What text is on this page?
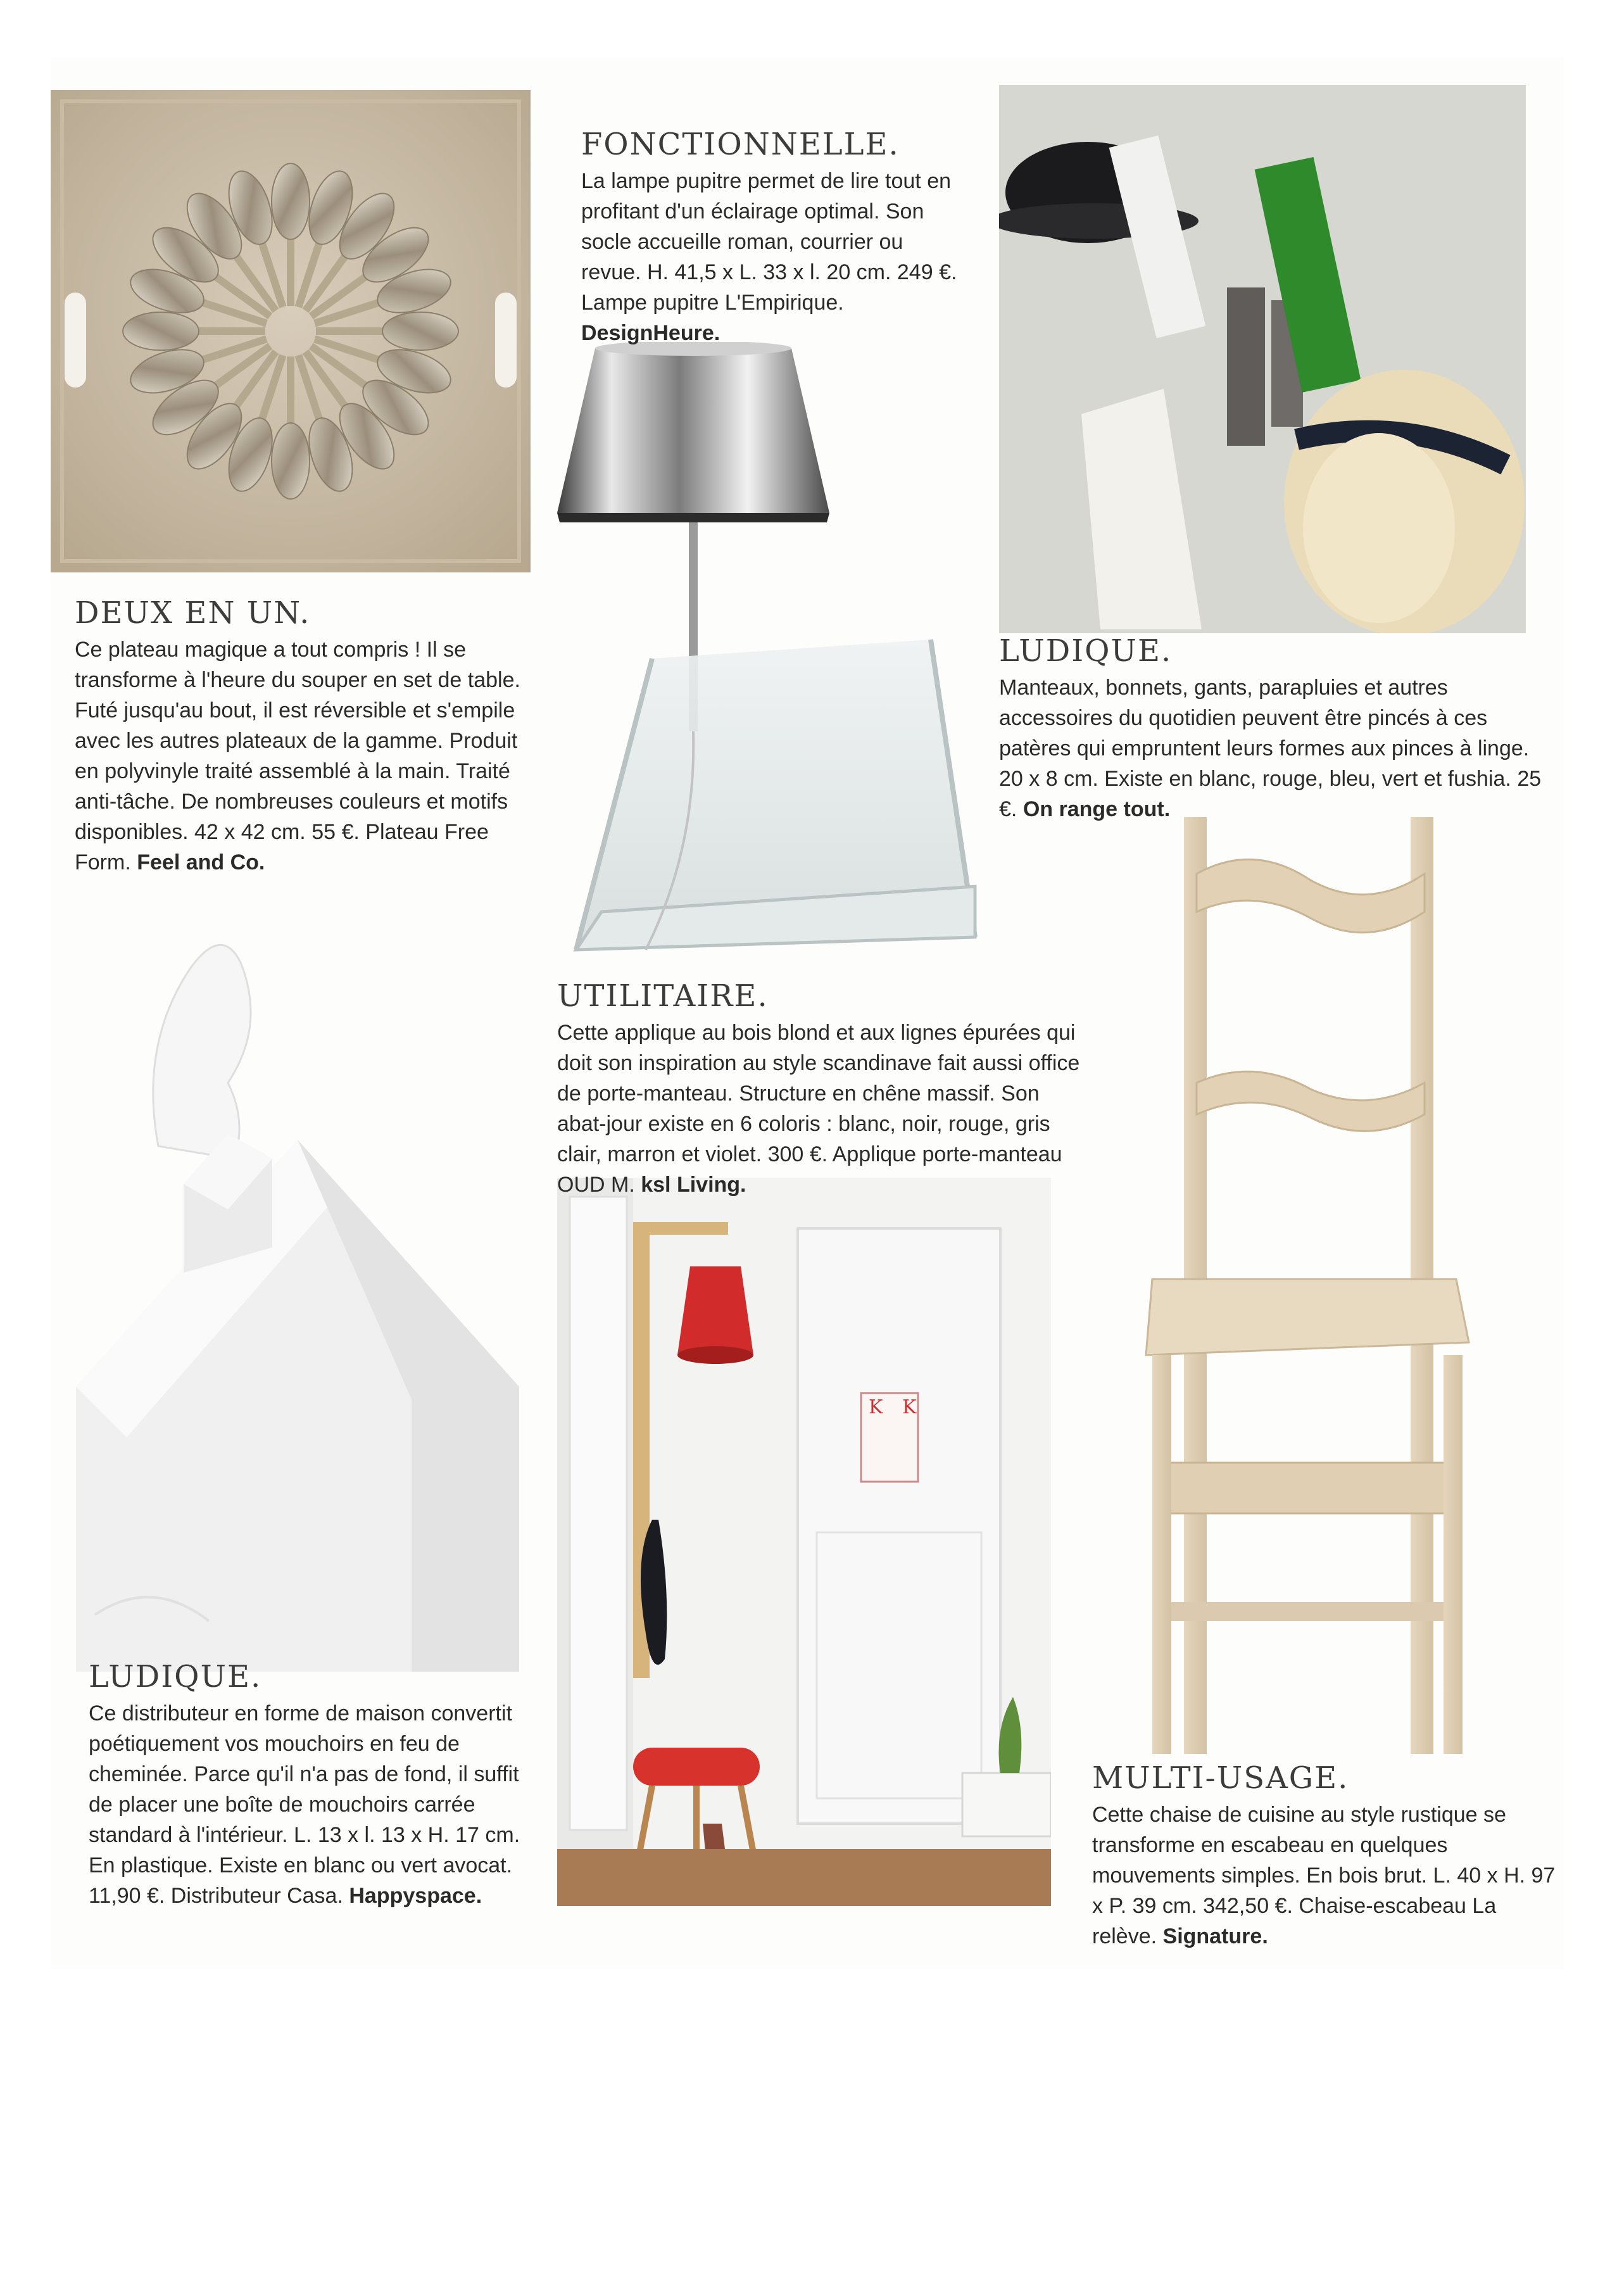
K K
FONCTIONNELLE.

La lampe pupitre permet de lire tout en profitant d'un éclairage optimal. Son socle accueille roman, courrier ou revue. H. 41,5 x L. 33 x l. 20 cm. 249 €. Lampe pupitre L'Empirique. DesignHeure.

DEUX EN UN.

Ce plateau magique a tout compris ! Il se transforme à l'heure du souper en set de table. Futé jusqu'au bout, il est réversible et s'empile avec les autres plateaux de la gamme. Produit en polyvinyle traité assemblé à la main. Traité anti-tâche. De nombreuses couleurs et motifs disponibles. 42 x 42 cm. 55 €. Plateau Free Form. Feel and Co.

LUDIQUE.

Manteaux, bonnets, gants, parapluies et autres accessoires du quotidien peuvent être pincés à ces patères qui empruntent leurs formes aux pinces à linge. 20 x 8 cm. Existe en blanc, rouge, bleu, vert et fushia. 25 €. On range tout.

UTILITAIRE.

Cette applique au bois blond et aux lignes épurées qui doit son inspiration au style scandinave fait aussi office de porte-manteau. Structure en chêne massif. Son abat-jour existe en 6 coloris : blanc, noir, rouge, gris clair, marron et violet. 300 €. Applique porte-manteau OUD M. ksl Living.

LUDIQUE.

Ce distributeur en forme de maison convertit poétiquement vos mouchoirs en feu de cheminée. Parce qu'il n'a pas de fond, il suffit de placer une boîte de mouchoirs carrée standard à l'intérieur. L. 13 x l. 13 x H. 17 cm. En plastique. Existe en blanc ou vert avocat. 11,90 €. Distributeur Casa. Happyspace.

MULTI-USAGE.

Cette chaise de cuisine au style rustique se transforme en escabeau en quelques mouvements simples. En bois brut. L. 40 x H. 97 x P. 39 cm. 342,50 €. Chaise-escabeau La relève. Signature.
